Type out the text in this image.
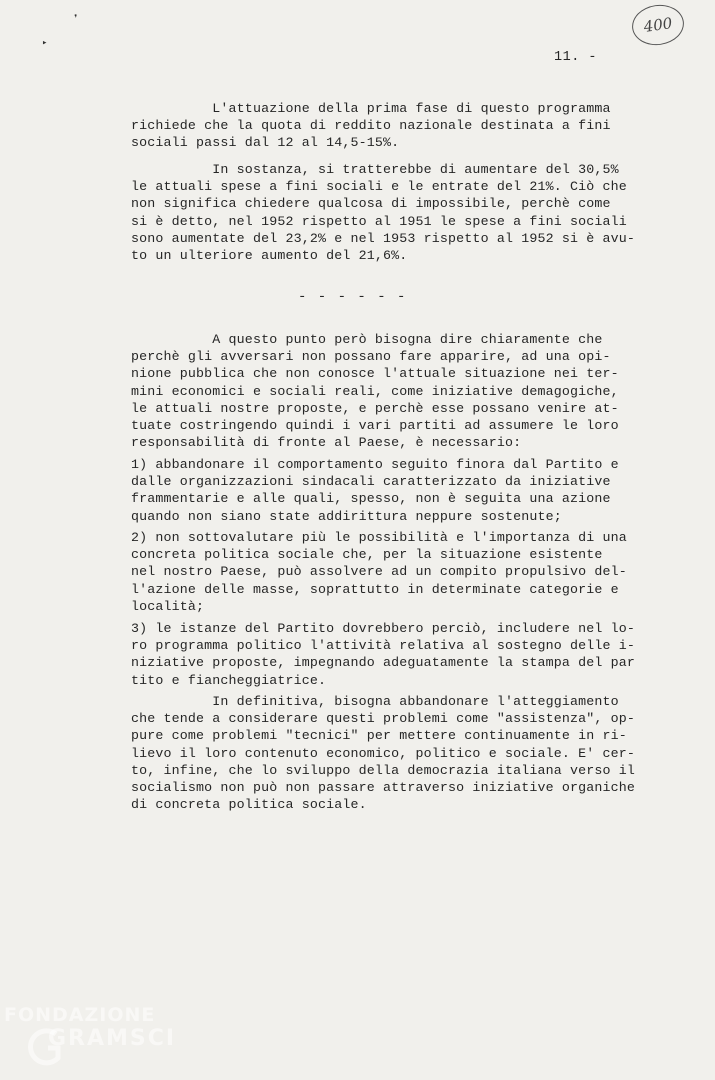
❜
▸
400
11. -
L'attuazione della prima fase di questo programma
richiede che la quota di reddito nazionale destinata a fini
sociali passi dal 12 al 14,5-15%.
In sostanza, si tratterebbe di aumentare del 30,5%
le attuali spese a fini sociali e le entrate del 21%. Ciò che
non significa chiedere qualcosa di impossibile, perchè come
si è detto, nel 1952 rispetto al 1951 le spese a fini sociali
sono aumentate del 23,2% e nel 1953 rispetto al 1952 si è avu-
to un ulteriore aumento del 21,6%.
- - - - - -
A questo punto però bisogna dire chiaramente che
perchè gli avversari non possano fare apparire, ad una opi-
nione pubblica che non conosce l'attuale situazione nei ter-
mini economici e sociali reali, come iniziative demagogiche,
le attuali nostre proposte, e perchè esse possano venire at-
tuate costringendo quindi i vari partiti ad assumere le loro
responsabilità di fronte al Paese, è necessario:
1) abbandonare il comportamento seguito finora dal Partito e
dalle organizzazioni sindacali caratterizzato da iniziative
frammentarie e alle quali, spesso, non è seguita una azione
quando non siano state addirittura neppure sostenute;
2) non sottovalutare più le possibilità e l'importanza di una
concreta politica sociale che, per la situazione esistente
nel nostro Paese, può assolvere ad un compito propulsivo del-
l'azione delle masse, soprattutto in determinate categorie e
località;
3) le istanze del Partito dovrebbero perciò, includere nel lo-
ro programma politico l'attività relativa al sostegno delle i-
niziative proposte, impegnando adeguatamente la stampa del par
tito e fiancheggiatrice.
In definitiva, bisogna abbandonare l'atteggiamento
che tende a considerare questi problemi come "assistenza", op-
pure come problemi "tecnici" per mettere continuamente in ri-
lievo il loro contenuto economico, politico e sociale. E' cer-
to, infine, che lo sviluppo della democrazia italiana verso il
socialismo non può non passare attraverso iniziative organiche
di concreta politica sociale.
FONDAZIONE
GRAMSCI
